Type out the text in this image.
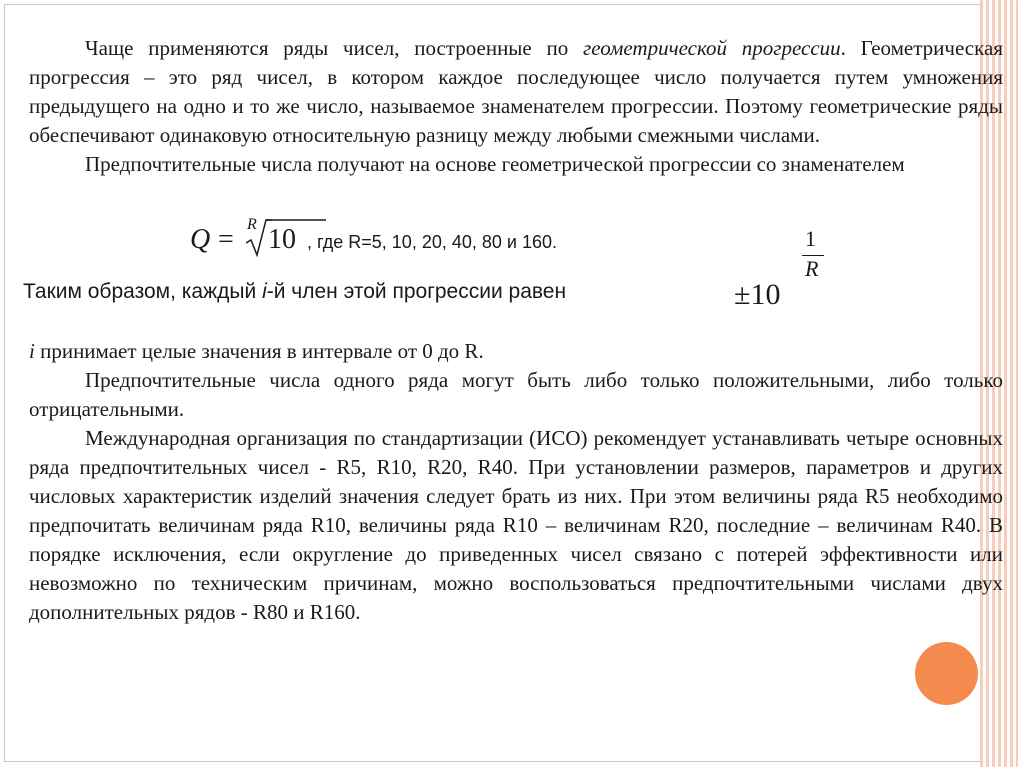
Чаще применяются ряды чисел, построенные по геометрической прогрессии. Геометрическая прогрессия – это ряд чисел, в котором каждое последующее число получается путем умножения предыдущего на одно и то же число, называемое знаменателем прогрессии. Поэтому геометрические ряды обеспечивают одинаковую относительную разницу между любыми смежными числами.

Предпочтительные числа получают на основе геометрической прогрессии со знаменателем

Q = R 10 , где R=5, 10, 20, 40, 80 и 160.	1
R
±10
Таким образом, каждый i-й член этой прогрессии равен

i принимает целые значения в интервале от 0 до R.

Предпочтительные числа одного ряда могут быть либо только положительными, либо только отрицательными.

Международная организация по стандартизации (ИСО) рекомендует устанавливать четыре основных ряда предпочтительных чисел - R5, R10, R20, R40. При установлении размеров, параметров и других числовых характеристик изделий значения следует брать из них. При этом величины ряда R5 необходимо предпочитать величинам ряда R10, величины ряда R10 – величинам R20, последние – величинам R40. В порядке исключения, если округление до приведенных чисел связано с потерей эффективности или невозможно по техническим причинам, можно воспользоваться предпочтительными числами двух дополнительных рядов - R80 и R160.
